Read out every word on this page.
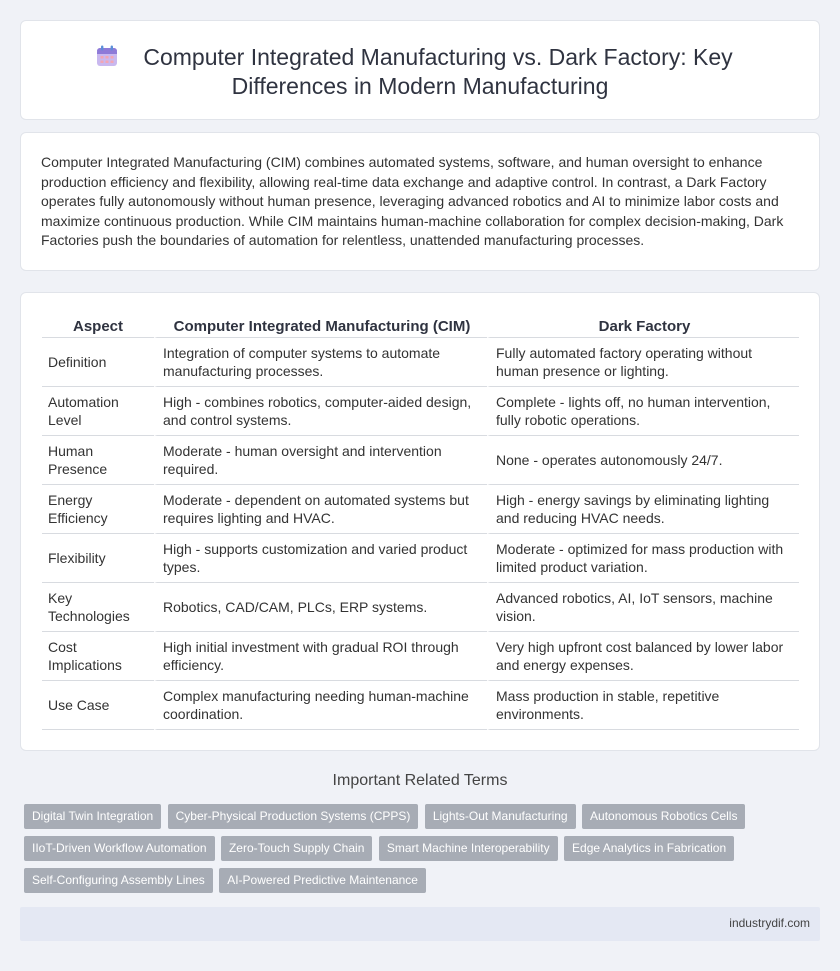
Computer Integrated Manufacturing vs. Dark Factory: Key
Differences in Modern Manufacturing

Computer Integrated Manufacturing (CIM) combines automated systems, software, and human oversight to enhance production efficiency and flexibility, allowing real-time data exchange and adaptive control. In contrast, a Dark Factory operates fully autonomously without human presence, leveraging advanced robotics and AI to minimize labor costs and maximize continuous production. While CIM maintains human-machine collaboration for complex decision-making, Dark Factories push the boundaries of automation for relentless, unattended manufacturing processes.

Aspect	Computer Integrated Manufacturing (CIM)	Dark Factory
Definition	Integration of computer systems to automate manufacturing processes.	Fully automated factory operating without human presence or lighting.
Automation Level	High - combines robotics, computer-aided design, and control systems.	Complete - lights off, no human intervention, fully robotic operations.
Human Presence	Moderate - human oversight and intervention required.	None - operates autonomously 24/7.
Energy Efficiency	Moderate - dependent on automated systems but requires lighting and HVAC.	High - energy savings by eliminating lighting and reducing HVAC needs.
Flexibility	High - supports customization and varied product types.	Moderate - optimized for mass production with limited product variation.
Key Technologies	Robotics, CAD/CAM, PLCs, ERP systems.	Advanced robotics, AI, IoT sensors, machine vision.
Cost Implications	High initial investment with gradual ROI through efficiency.	Very high upfront cost balanced by lower labor and energy expenses.
Use Case	Complex manufacturing needing human-machine coordination.	Mass production in stable, repetitive environments.
Important Related Terms
Digital Twin Integration Cyber-Physical Production Systems (CPPS) Lights-Out Manufacturing Autonomous Robotics Cells IIoT-Driven Workflow Automation Zero-Touch Supply Chain Smart Machine Interoperability Edge Analytics in Fabrication Self-Configuring Assembly Lines AI-Powered Predictive Maintenance
industrydif.com
